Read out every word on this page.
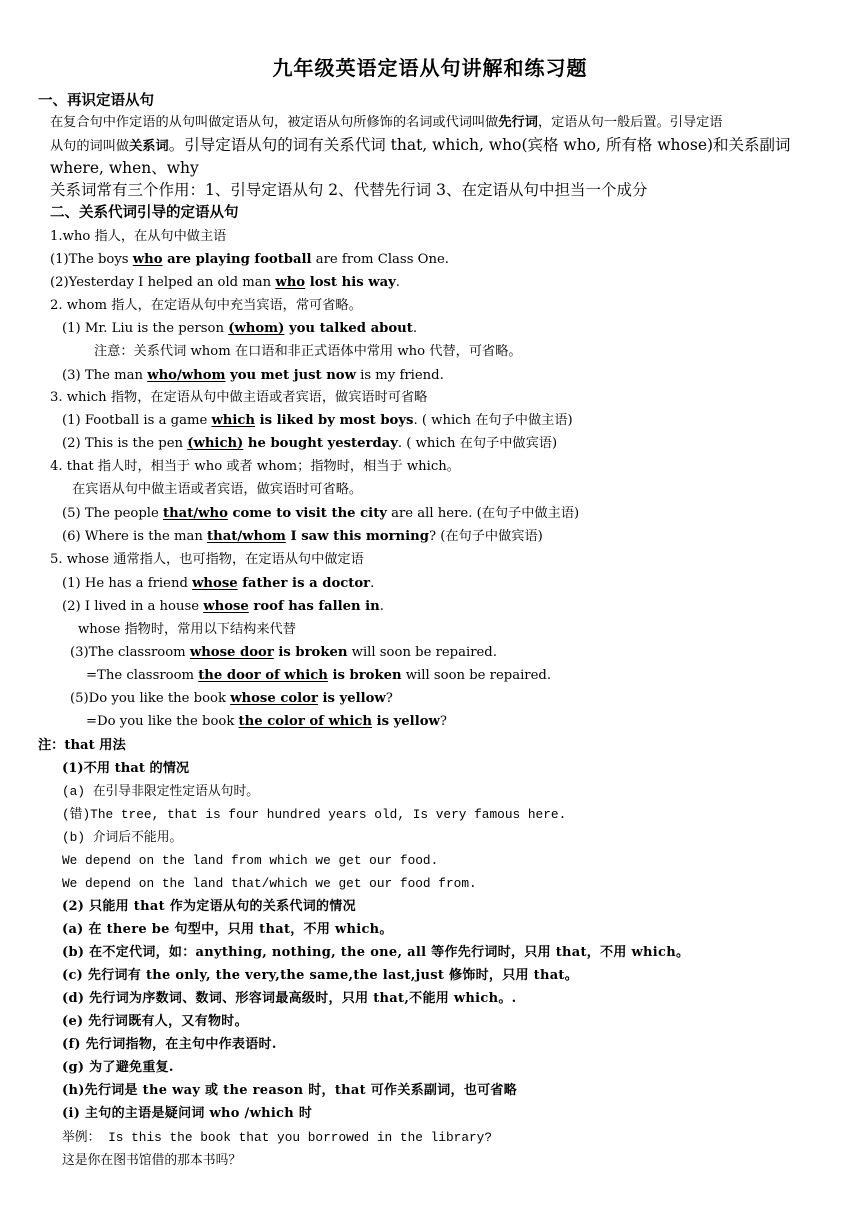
九年级英语定语从句讲解和练习题
一、再识定语从句
在复合句中作定语的从句叫做定语从句，被定语从句所修饰的名词或代词叫做先行词，定语从句一般后置。引导定语
从句的词叫做关系词。引导定语从句的词有关系代词 that, which, who(宾格 who, 所有格 whose)和关系副词
where, when、why
关系词常有三个作用：1、引导定语从句 2、代替先行词 3、在定语从句中担当一个成分
二、关系代词引导的定语从句
1.who 指人，在从句中做主语
(1)The boys who are playing football are from Class One.
(2)Yesterday I helped an old man who lost his way.
2. whom 指人，在定语从句中充当宾语，常可省略。
(1) Mr. Liu is the person (whom) you talked about.
注意：关系代词 whom 在口语和非正式语体中常用 who 代替，可省略。
(3) The man who/whom you met just now is my friend.
3. which 指物，在定语从句中做主语或者宾语，做宾语时可省略
(1) Football is a game which is liked by most boys. ( which 在句子中做主语)
(2) This is the pen (which) he bought yesterday. ( which 在句子中做宾语)
4. that 指人时，相当于 who 或者 whom；指物时，相当于 which。
在宾语从句中做主语或者宾语，做宾语时可省略。
(5) The people that/who come to visit the city are all here. (在句子中做主语)
(6) Where is the man that/whom I saw this morning? (在句子中做宾语)
5. whose 通常指人，也可指物，在定语从句中做定语
(1) He has a friend whose father is a doctor.
(2) I lived in a house whose roof has fallen in.
whose 指物时，常用以下结构来代替
(3)The classroom whose door is broken will soon be repaired.
=The classroom the door of which is broken will soon be repaired.
(5)Do you like the book whose color is yellow?
=Do you like the book the color of which is yellow?
注：that 用法
(1)不用 that 的情况
(a) 在引导非限定性定语从句时。
(错)The tree, that is four hundred years old, Is very famous here.
(b) 介词后不能用。
We depend on the land from which we get our food.
We depend on the land that/which we get our food from.
(2) 只能用 that 作为定语从句的关系代词的情况
(a) 在 there be 句型中，只用 that，不用 which。
(b) 在不定代词，如：anything, nothing, the one, all 等作先行词时，只用 that，不用 which。
(c) 先行词有 the only, the very,the same,the last,just 修饰时，只用 that。
(d) 先行词为序数词、数词、形容词最高级时，只用 that,不能用 which。.
(e) 先行词既有人，又有物时。
(f) 先行词指物，在主句中作表语时.
(g) 为了避免重复.
(h)先行词是 the way 或 the reason 时，that 可作关系副词，也可省略
(i) 主句的主语是疑问词 who /which 时
举例： Is this the book that you borrowed in the library?
这是你在图书馆借的那本书吗？
